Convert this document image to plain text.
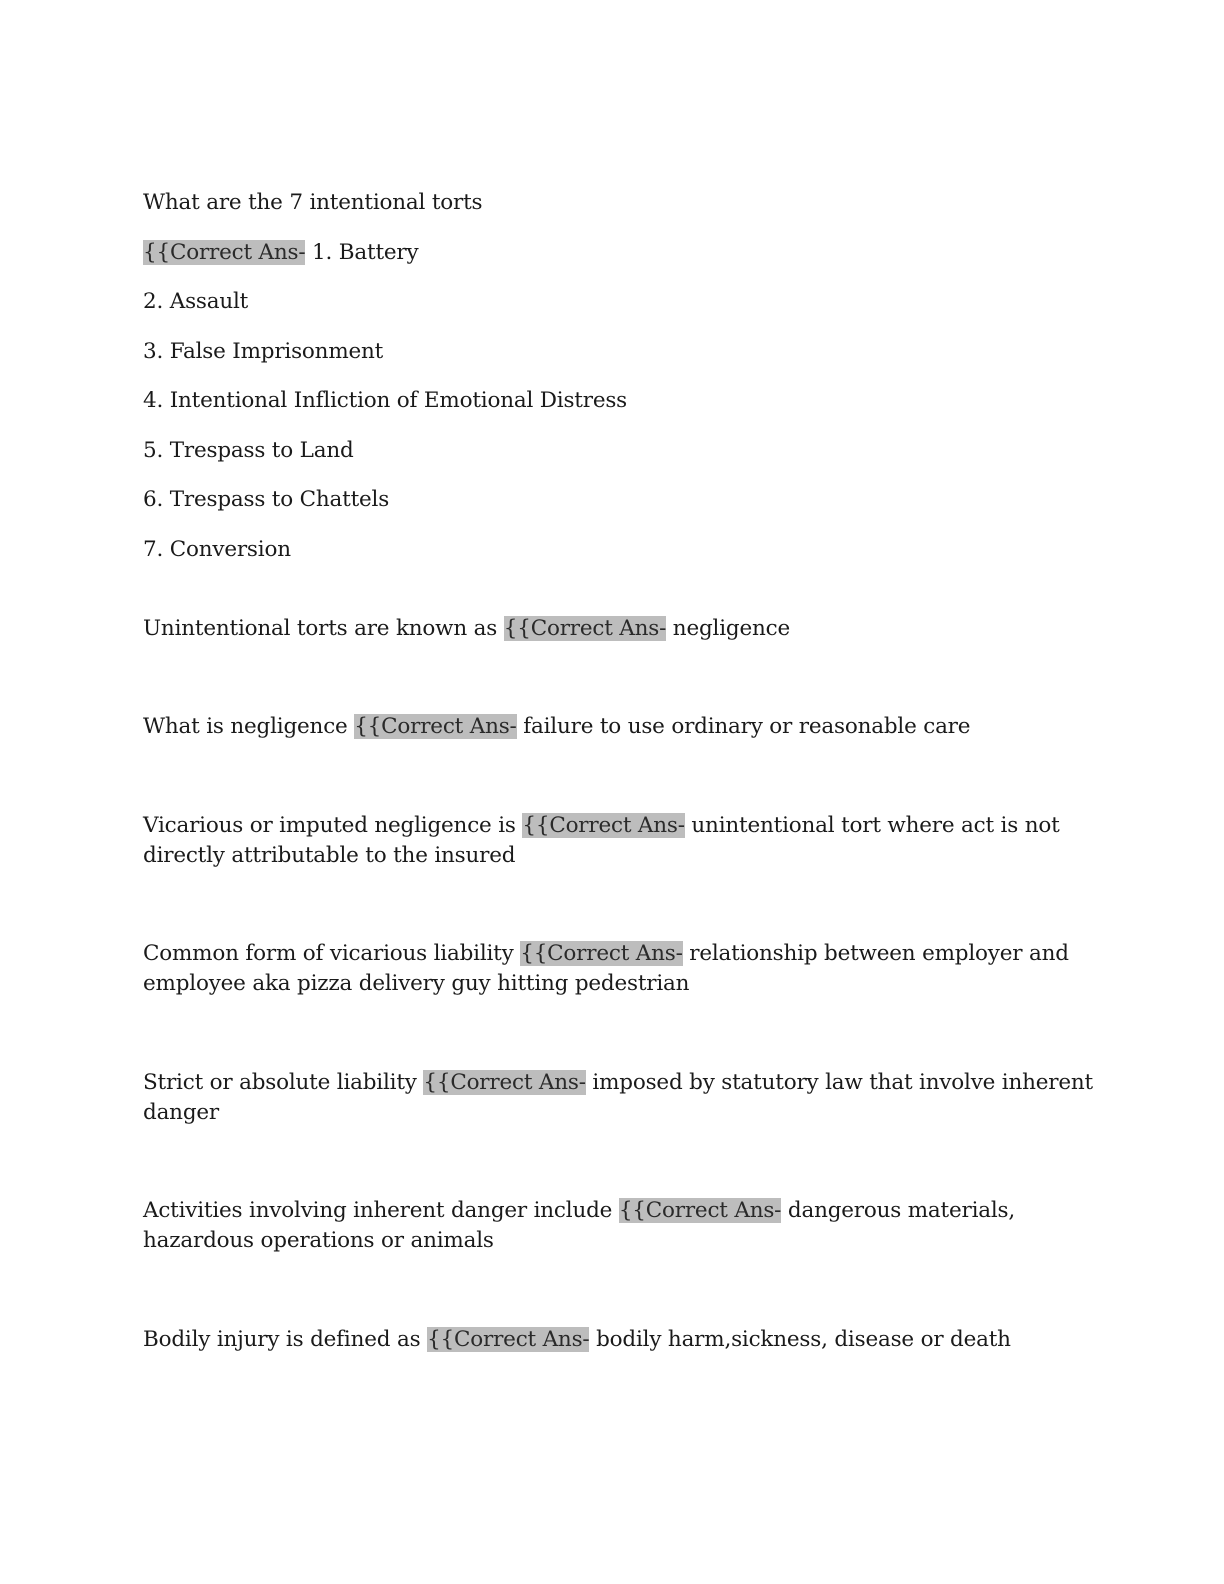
What are the 7 intentional torts

{{Correct Ans- 1. Battery

2. Assault

3. False Imprisonment

4. Intentional Infliction of Emotional Distress

5. Trespass to Land

6. Trespass to Chattels

7. Conversion

Unintentional torts are known as {{Correct Ans- negligence

What is negligence {{Correct Ans- failure to use ordinary or reasonable care

Vicarious or imputed negligence is {{Correct Ans- unintentional tort where act is not

directly attributable to the insured

Common form of vicarious liability {{Correct Ans- relationship between employer and

employee aka pizza delivery guy hitting pedestrian

Strict or absolute liability {{Correct Ans- imposed by statutory law that involve inherent

danger

Activities involving inherent danger include {{Correct Ans- dangerous materials,

hazardous operations or animals

Bodily injury is defined as {{Correct Ans- bodily harm,sickness, disease or death
